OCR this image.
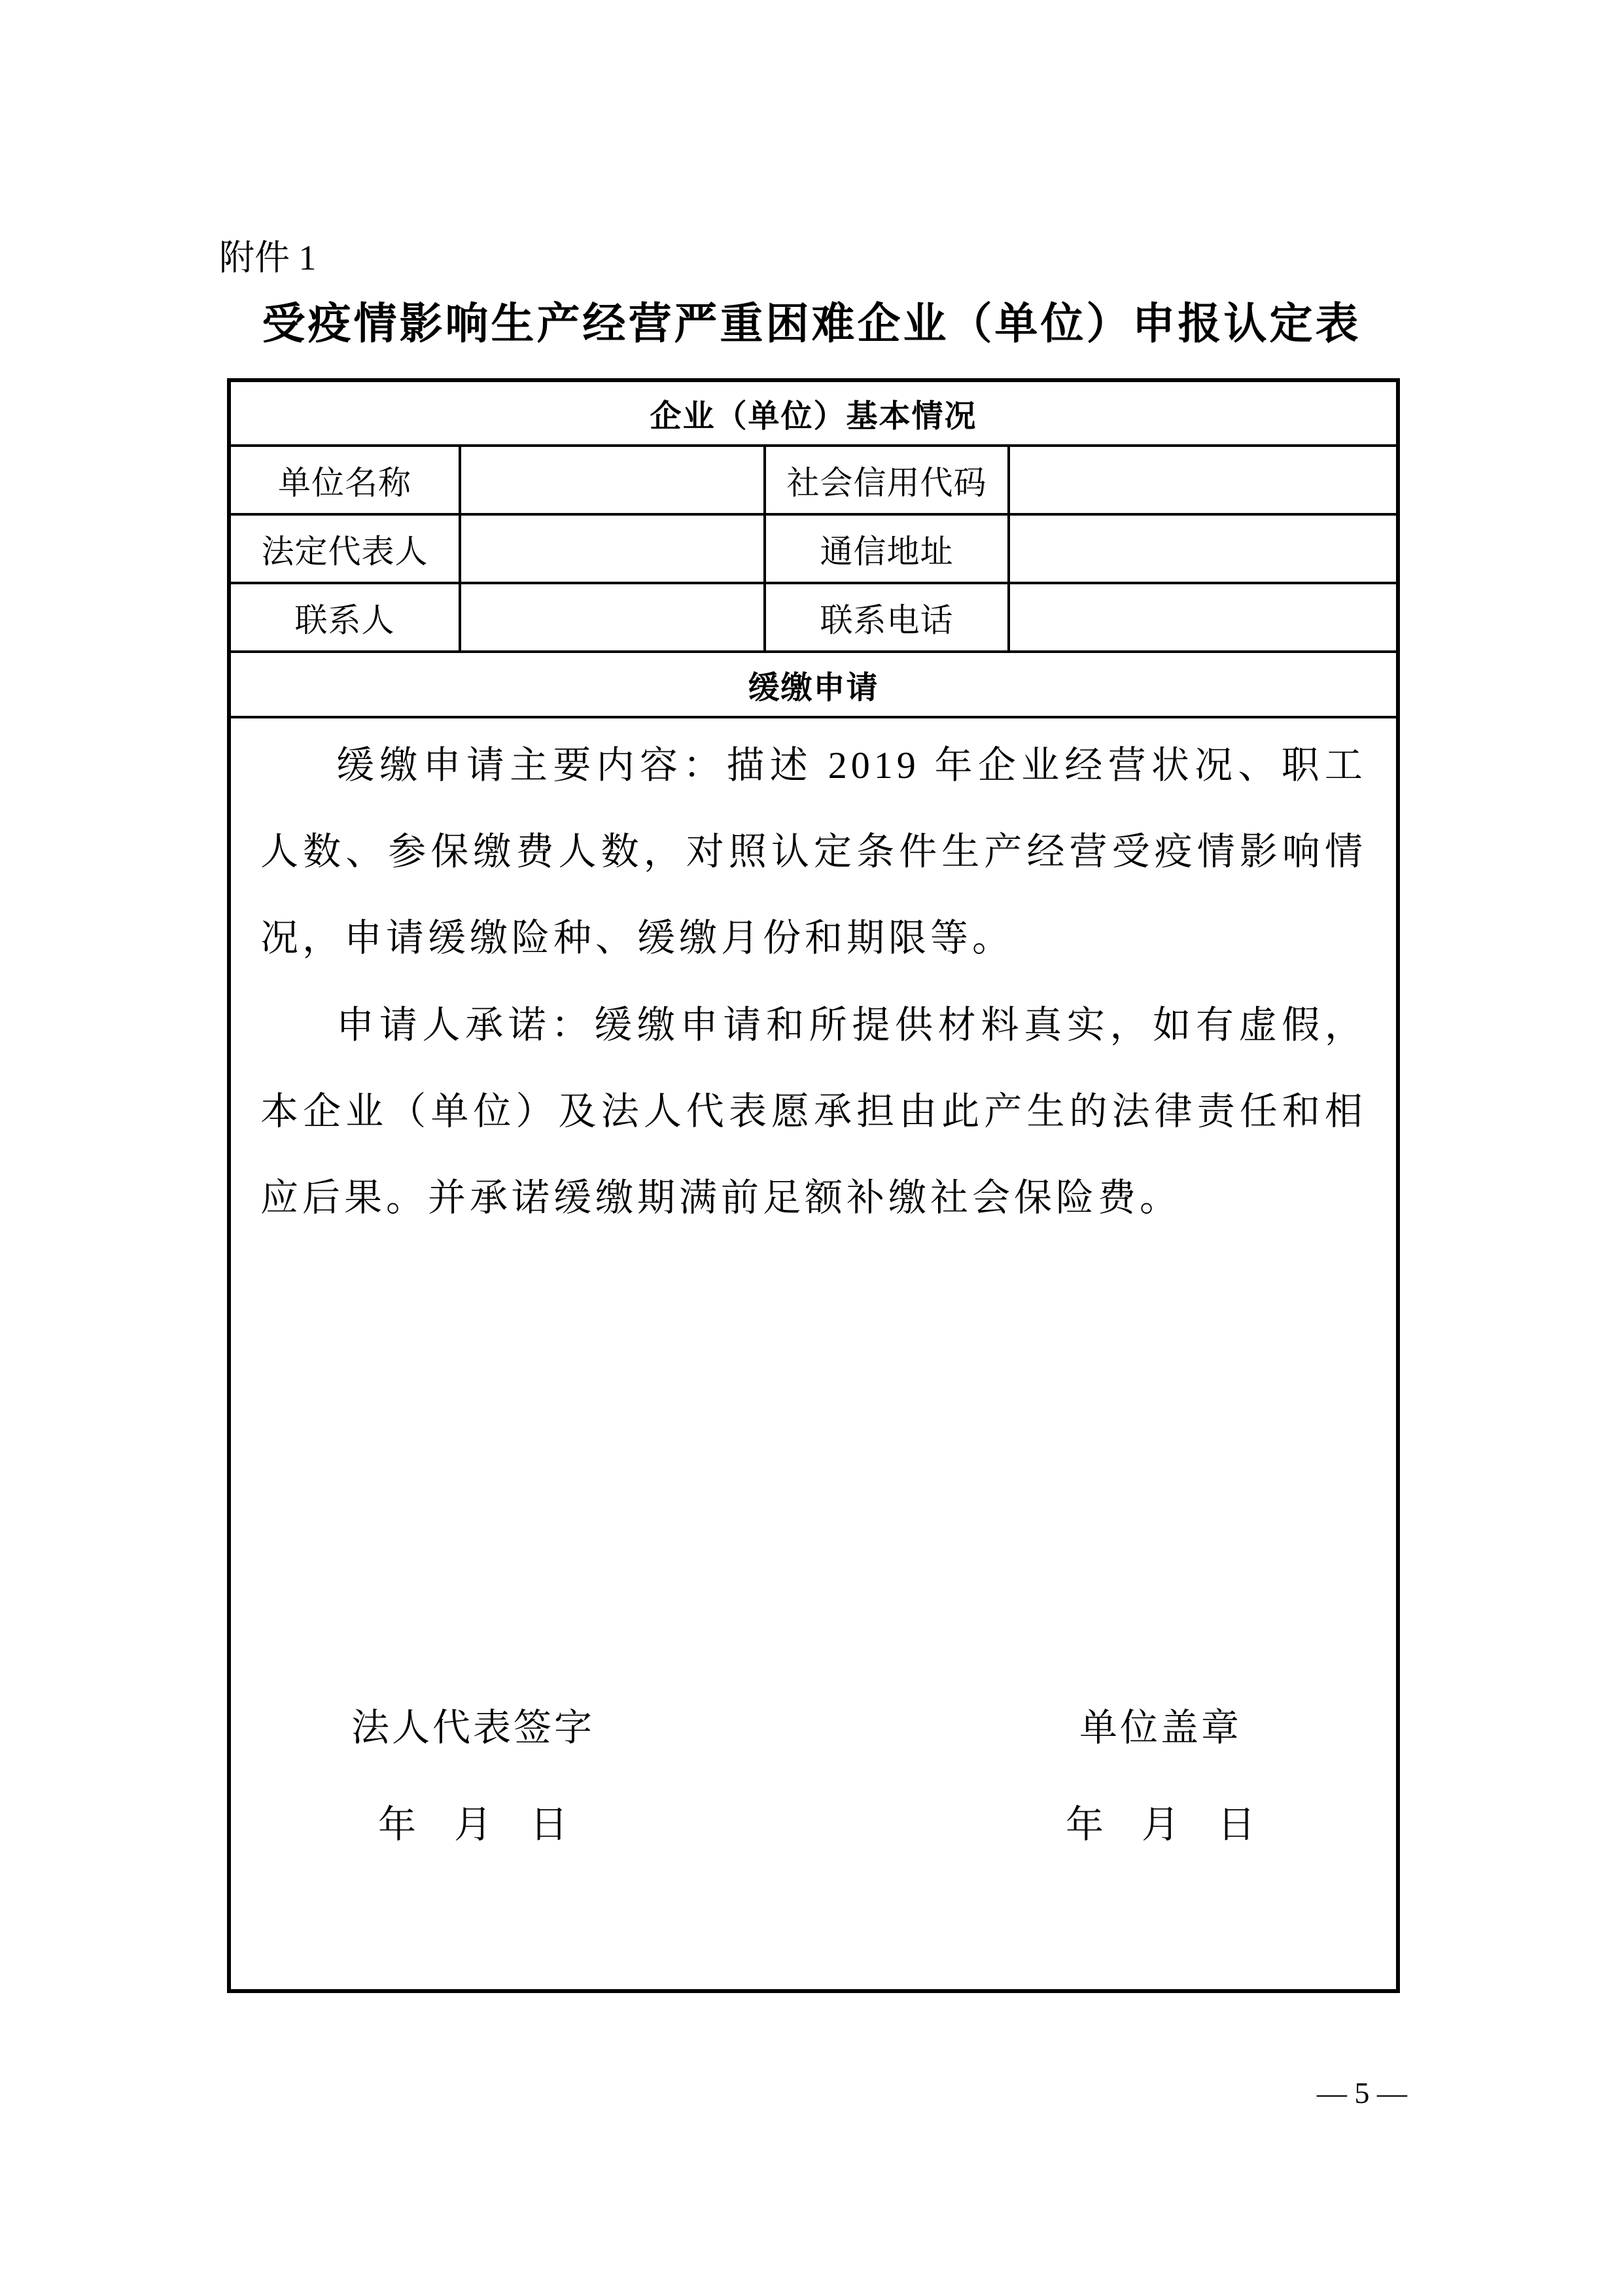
附件 1
受疫情影响生产经营严重困难企业（单位）申报认定表
企业（单位）基本情况			
单位名称		社会信用代码	
法定代表人		通信地址	
联系人		联系电话	
缓缴申请			

缓缴申请主要内容：描述 2019 年企业经营状况、职工人数、参保缴费人数，对照认定条件生产经营受疫情影响情况，申请缓缴险种、缓缴月份和期限等。

申请人承诺：缓缴申请和所提供材料真实，如有虚假，本企业（单位）及法人代表愿承担由此产生的法律责任和相应后果。并承诺缓缴期满前足额补缴社会保险费。

法人代表签字
年　月　日
单位盖章
年　月　日
— 5 —
